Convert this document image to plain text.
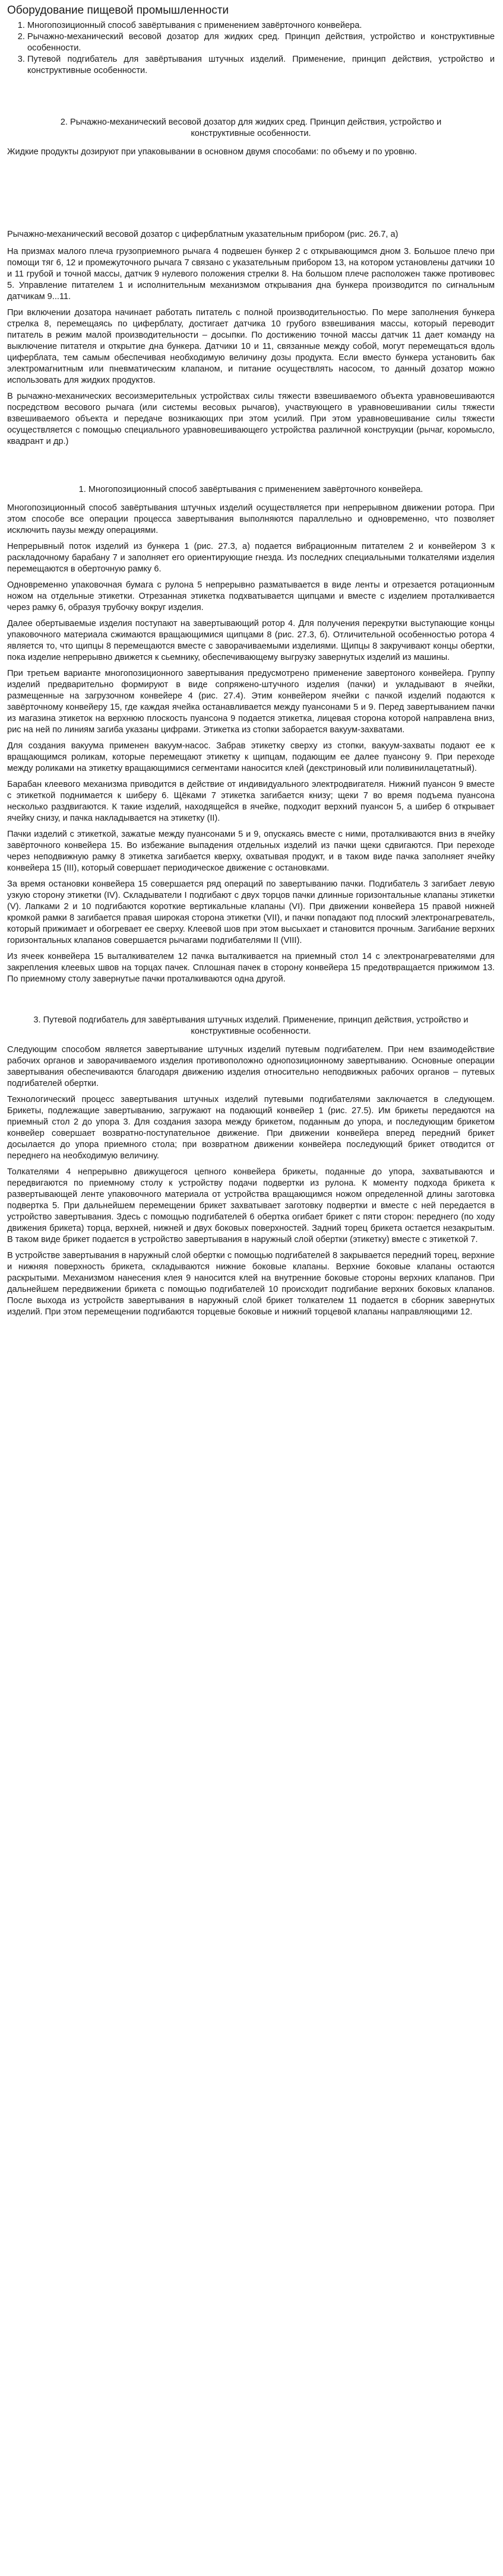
Оборудование пищевой промышленности
1. Многопозиционный способ завёртывания с применением завёрточного конвейера.
2. Рычажно-механический весовой дозатор для жидких сред. Принцип действия, устройство и конструктивные особенности.
3. Путевой подгибатель для завёртывания штучных изделий. Применение, принцип действия, устройство и конструктивные особенности.
2. Рычажно-механический весовой дозатор для жидких сред. Принцип действия, устройство и конструктивные особенности.

Жидкие продукты дозируют при упаковывании в основном двумя способами: по объему и по уровню.

Рычажно-механический весовой дозатор с циферблатным указательным прибором (рис. 26.7, а)

На призмах малого плеча грузоприемного рычага 4 подвешен бункер 2 с открывающимся дном 3. Большое плечо при помощи тяг 6, 12 и промежуточного рычага 7 связано с указательным прибором 13, на котором установлены датчики 10 и 11 грубой и точной массы, датчик 9 нулевого положения стрелки 8. На большом плече расположен также противовес 5. Управление питателем 1 и исполнительным механизмом открывания дна бункера производится по сигнальным датчикам 9...11.

При включении дозатора начинает работать питатель с полной производительностью. По мере заполнения бункера стрелка 8, перемещаясь по циферблату, достигает датчика 10 грубого взвешивания массы, который переводит питатель в режим малой производительности – досыпки. По достижению точной массы датчик 11 дает команду на выключение питателя и открытие дна бункера. Датчики 10 и 11, связанные между собой, могут перемещаться вдоль циферблата, тем самым обеспечивая необходимую величину дозы продукта. Если вместо бункера установить бак электромагнитным или пневматическим клапаном, и питание осуществлять насосом, то данный дозатор можно использовать для жидких продуктов.

В рычажно-механических весоизмерительных устройствах силы тяжести взвешиваемого объекта уравновешиваются посредством весового рычага (или системы весовых рычагов), участвующего в уравновешивании силы тяжести взвешиваемого объекта и передаче возникающих при этом усилий. При этом уравновешивание силы тяжести осуществляется с помощью специального уравновешивающего устройства различной конструкции (рычаг, коромысло, квадрант и др.)

1. Многопозиционный способ завёртывания с применением завёрточного конвейера.

Многопозиционный способ завёртывания штучных изделий осуществляется при непрерывном движении ротора. При этом способе все операции процесса завертывания выполняются параллельно и одновременно, что позволяет исключить паузы между операциями.

Непрерывный поток изделий из бункера 1 (рис. 27.3, а) подается вибрационным питателем 2 и конвейером 3 к раскладочному барабану 7 и заполняет его ориентирующие гнезда. Из последних специальными толкателями изделия перемещаются в оберточную рамку 6.

Одновременно упаковочная бумага с рулона 5 непрерывно разматывается в виде ленты и отрезается ротационным ножом на отдельные этикетки. Отрезанная этикетка подхватывается щипцами и вместе с изделием проталкивается через рамку 6, образуя трубочку вокруг изделия.

Далее обертываемые изделия поступают на завертывающий ротор 4. Для получения перекрутки выступающие концы упаковочного материала сжимаются вращающимися щипцами 8 (рис. 27.3, б). Отличительной особенностью ротора 4 является то, что щипцы 8 перемещаются вместе с заворачиваемыми изделиями. Щипцы 8 закручивают концы обертки, пока изделие непрерывно движется к сьемнику, обеспечивающему выгрузку завернутых изделий из машины.

При третьем варианте многопозиционного завертывания предусмотрено применение завертоного конвейера. Группу изделий предварительно формируют в виде сопряжено-штучного изделия (пачки) и укладывают в ячейки, размещенные на загрузочном конвейере 4 (рис. 27.4). Этим конвейером ячейки с пачкой изделий подаются к завёрточному конвейеру 15, где каждая ячейка останавливается между пуансонами 5 и 9. Перед завертыванием пачки из магазина этикеток на верхнюю плоскость пуансона 9 подается этикетка, лицевая сторона которой направлена вниз, рис на ней по линиям загиба указаны цифрами. Этикетка из стопки заборается вакуум-захватами.

Для создания вакуума применен вакуум-насос. Забрав этикетку сверху из стопки, вакуум-захваты подают ее к вращающимся роликам, которые перемещают этикетку к щипцам, подающим ее далее пуансону 9. При переходе между роликами на этикетку вращающимися сегментами наносится клей (декстриновый или поливинилацетатный).

Барабан клеевого механизма приводится в действие от индивидуального электродвигателя. Нижний пуансон 9 вместе с этикеткой поднимается к шиберу 6. Щёками 7 этикетка загибается книзу; щеки 7 во время подъема пуансона несколько раздвигаются. К такие изделий, находящейся в ячейке, подходит верхний пуансон 5, а шибер 6 открывает ячейку снизу, и пачка накладывается на этикетку (II).

Пачки изделий с этикеткой, зажатые между пуансонами 5 и 9, опускаясь вместе с ними, проталкиваются вниз в ячейку завёрточного конвейера 15. Во избежание выпадения отдельных изделий из пачки щеки сдвигаются. При переходе через неподвижную рамку 8 этикетка загибается кверху, охватывая продукт, и в таком виде пачка заполняет ячейку конвейера 15 (III), который совершает периодическое движение с остановками.

За время остановки конвейера 15 совершается ряд операций по завертыванию пачки. Подгибатель 3 загибает левую узкую сторону этикетки (IV). Складыватели I подгибают с двух торцов пачки длинные горизонтальные клапаны этикетки (V). Лапками 2 и 10 подгибаются короткие вертикальные клапаны (VI). При движении конвейера 15 правой нижней кромкой рамки 8 загибается правая широкая сторона этикетки (VII), и пачки попадают под плоский электронагреватель, который прижимает и обогревает ее сверху. Клеевой шов при этом высыхает и становится прочным. Загибание верхних горизонтальных клапанов совершается рычагами подгибателями II (VIII).

Из ячеек конвейера 15 выталкивателем 12 пачка выталкивается на приемный стол 14 с электронагревателями для закрепления клеевых швов на торцах пачек. Сплошная пачек в сторону конвейера 15 предотвращается прижимом 13. По приемному столу завернутые пачки проталкиваются одна другой.

3. Путевой подгибатель для завёртывания штучных изделий. Применение, принцип действия, устройство и конструктивные особенности.

Следующим способом является завертывание штучных изделий путевым подгибателем. При нем взаимодействие рабочих органов и заворачиваемого изделия противоположно однопозиционному завертыванию. Основные операции завертывания обеспечиваются благодаря движению изделия относительно неподвижных рабочих органов – путевых подгибателей обертки.

Технологический процесс завертывания штучных изделий путевыми подгибателями заключается в следующем. Брикеты, подлежащие завертыванию, загружают на подающий конвейер 1 (рис. 27.5). Им брикеты передаются на приемный стол 2 до упора 3. Для создания зазора между брикетом, поданным до упора, и последующим брикетом конвейер совершает возвратно-поступательное движение. При движении конвейера вперед передний брикет досылается до упора приемного стола; при возвратном движении конвейера последующий брикет отводится от переднего на необходимую величину.

Толкателями 4 непрерывно движущегося цепного конвейера брикеты, поданные до упора, захватываются и передвигаются по приемному столу к устройству подачи подвертки из рулона. К моменту подхода брикета к развертывающей ленте упаковочного материала от устройства вращающимся ножом определенной длины заготовка подвертка 5. При дальнейшем перемещении брикет захватывает заготовку подвертки и вместе с ней передается в устройство завертывания. Здесь с помощью подгибателей 6 обертка огибает брикет с пяти сторон: переднего (по ходу движения брикета) торца, верхней, нижней и двух боковых поверхностей. Задний торец брикета остается незакрытым. В таком виде брикет подается в устройство завертывания в наружный слой обертки (этикетку) вместе с этикеткой 7.

В устройстве завертывания в наружный слой обертки с помощью подгибателей 8 закрывается передний торец, верхние и нижняя поверхность брикета, складываются нижние боковые клапаны. Верхние боковые клапаны остаются раскрытыми. Механизмом нанесения клея 9 наносится клей на внутренние боковые стороны верхних клапанов. При дальнейшем передвижении брикета с помощью подгибателей 10 происходит подгибание верхних боковых клапанов. После выхода из устройств завертывания в наружный слой брикет толкателем 11 подается в сборник завернутых изделий. При этом перемещении подгибаются торцевые боковые и нижний торцевой клапаны направляющими 12.
